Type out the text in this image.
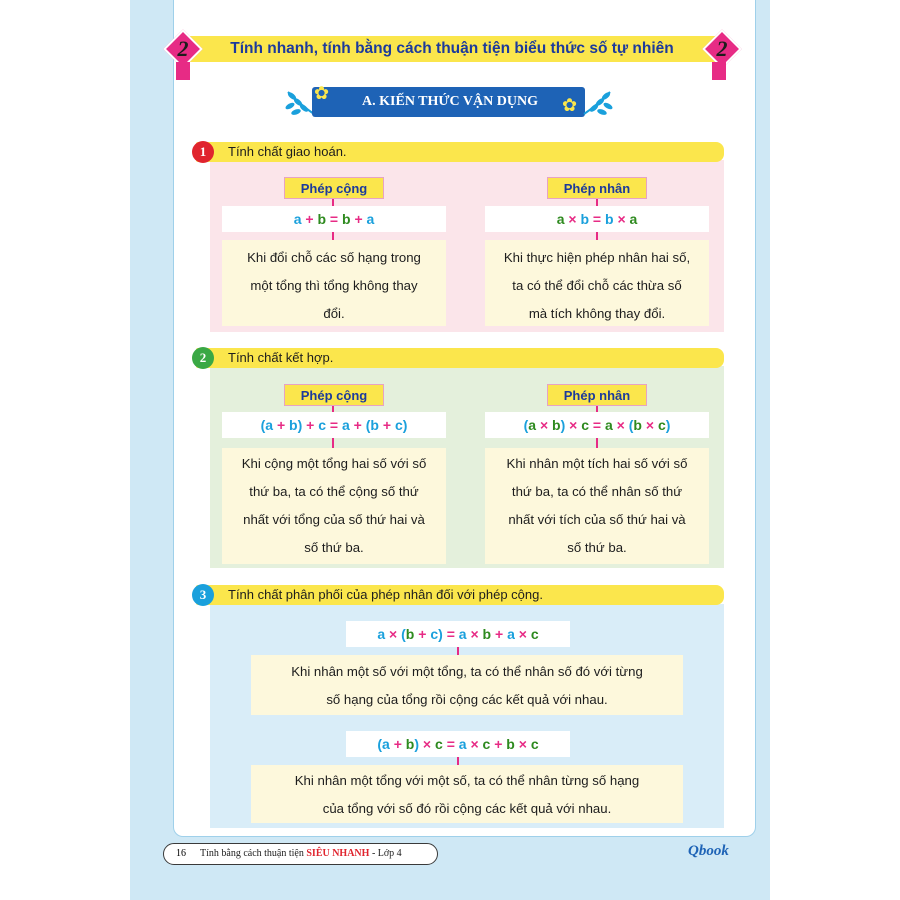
2	2
Tính nhanh, tính bằng cách thuận tiện biểu thức số tự nhiên
✿	A. KIẾN THỨC VẬN DỤNG	✿
1	Tính chất giao hoán.
Phép cộng
a + b = b + a
Khi đổi chỗ các số hạng trong
một tổng thì tổng không thay
đổi.
Phép nhân
a × b = b × a
Khi thực hiện phép nhân hai số,
ta có thể đổi chỗ các thừa số
mà tích không thay đổi.
2	Tính chất kết hợp.
Phép cộng
(a + b) + c = a + (b + c)
Khi cộng một tổng hai số với số
thứ ba, ta có thể cộng số thứ
nhất với tổng của số thứ hai và
số thứ ba.
Phép nhân
(a × b) × c = a × (b × c)
Khi nhân một tích hai số với số
thứ ba, ta có thể nhân số thứ
nhất với tích của số thứ hai và
số thứ ba.
3	Tính chất phân phối của phép nhân đối với phép cộng.
a × (b + c) = a × b + a × c
Khi nhân một số với một tổng, ta có thể nhân số đó với từng
số hạng của tổng rồi cộng các kết quả với nhau.
(a + b) × c = a × c + b × c
Khi nhân một tổng với một số, ta có thể nhân từng số hạng
của tổng với số đó rồi cộng các kết quả với nhau.
16	Tính bằng cách thuận tiện SIÊU NHANH - Lớp 4	Qbook
